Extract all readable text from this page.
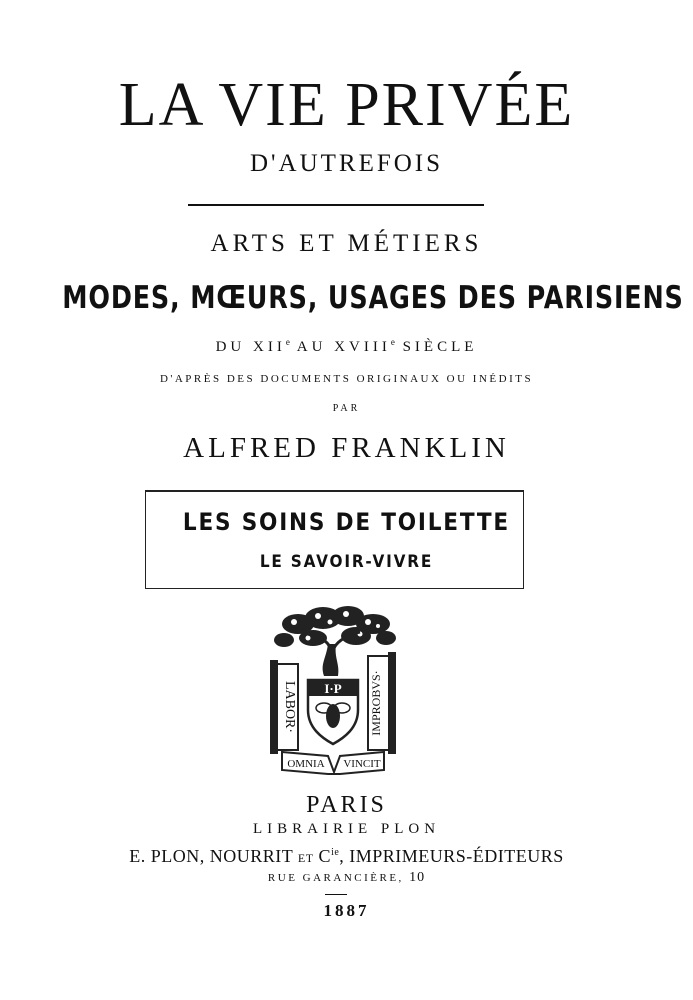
LA VIE PRIVÉE
D'AUTREFOIS
ARTS ET MÉTIERS
MODES, MŒURS, USAGES DES PARISIENS
DU XIIe AU XVIIIe SIÈCLE
D'APRÈS DES DOCUMENTS ORIGINAUX OU INÉDITS
PAR
ALFRED FRANKLIN
LES SOINS DE TOILETTE
LE SAVOIR-VIVRE
LABOR·	IMPROBVS·
I·P
OMNIA VINCIT
PARIS
LIBRAIRIE PLON
E. PLON, NOURRIT ET $C^{ie}$, IMPRIMEURS-ÉDITEURS
RUE GARANCIÈRE, 10
1887
